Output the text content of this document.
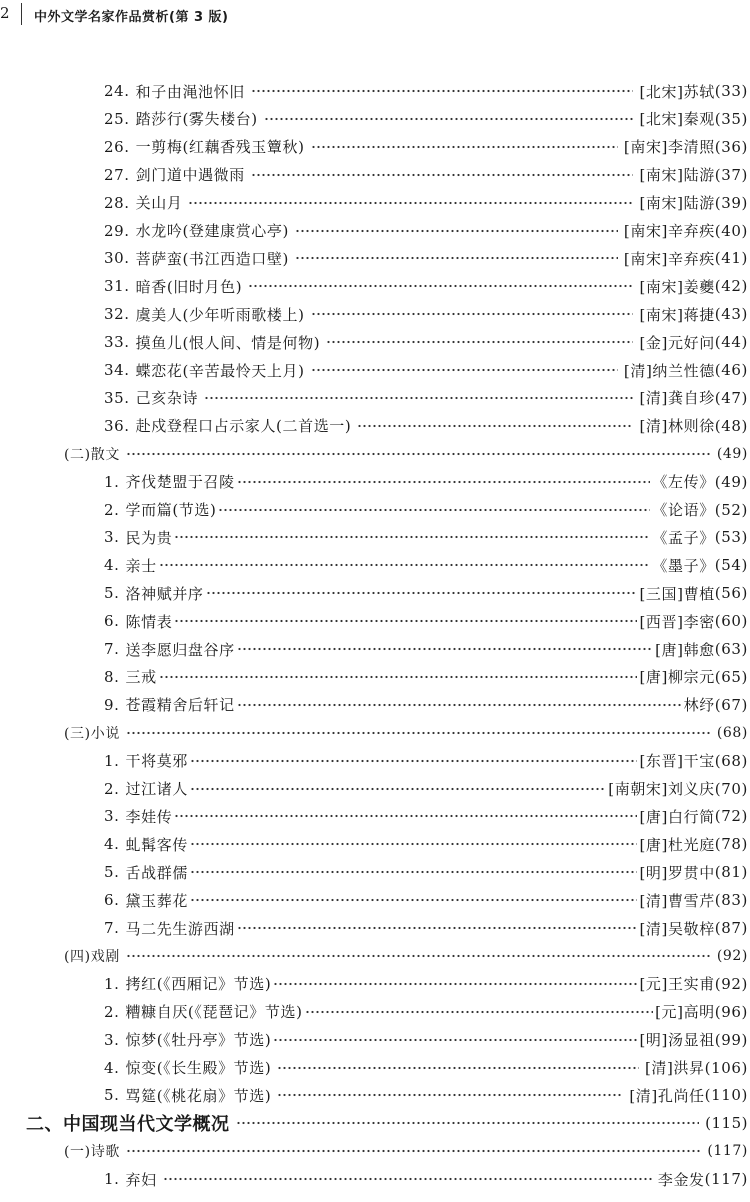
2 中外文学名家作品赏析(第 3 版)
24. 和子由渑池怀旧	[北宋]苏轼 (33)
25. 踏莎行(雾失楼台)	[北宋]秦观 (35)
26. 一剪梅(红藕香残玉簟秋)	[南宋]李清照 (36)
27. 剑门道中遇微雨	[南宋]陆游 (37)
28. 关山月	[南宋]陆游 (39)
29. 水龙吟(登建康赏心亭)	[南宋]辛弃疾 (40)
30. 菩萨蛮(书江西造口壁)	[南宋]辛弃疾 (41)
31. 暗香(旧时月色)	[南宋]姜夔 (42)
32. 虞美人(少年听雨歌楼上)	[南宋]蒋捷 (43)
33. 摸鱼儿(恨人间、情是何物)	[金]元好问 (44)
34. 蝶恋花(辛苦最怜天上月)	[清]纳兰性德 (46)
35. 己亥杂诗	[清]龚自珍 (47)
36. 赴戍登程口占示家人(二首选一)	[清]林则徐 (48)
(二)散文	(49)
1. 齐伐楚盟于召陵	《左传》 (49)
2. 学而篇(节选)	《论语》 (52)
3. 民为贵	《孟子》 (53)
4. 亲士	《墨子》 (54)
5. 洛神赋并序	[三国]曹植 (56)
6. 陈情表	[西晋]李密 (60)
7. 送李愿归盘谷序	[唐]韩愈 (63)
8. 三戒	[唐]柳宗元 (65)
9. 苍霞精舍后轩记	林纾 (67)
(三)小说	(68)
1. 干将莫邪	[东晋]干宝 (68)
2. 过江诸人	[南朝宋]刘义庆 (70)
3. 李娃传	[唐]白行简 (72)
4. 虬髯客传	[唐]杜光庭 (78)
5. 舌战群儒	[明]罗贯中 (81)
6. 黛玉葬花	[清]曹雪芹 (83)
7. 马二先生游西湖	[清]吴敬梓 (87)
(四)戏剧	(92)
1. 拷红(《西厢记》节选)	[元]王实甫 (92)
2. 糟糠自厌(《琵琶记》节选)	[元]高明 (96)
3. 惊梦(《牡丹亭》节选)	[明]汤显祖 (99)
4. 惊变(《长生殿》节选)	[清]洪昇 (106)
5. 骂筵(《桃花扇》节选)	[清]孔尚任 (110)
二、中国现当代文学概况	(115)
(一)诗歌	(117)
1. 弃妇	李金发 (117)
